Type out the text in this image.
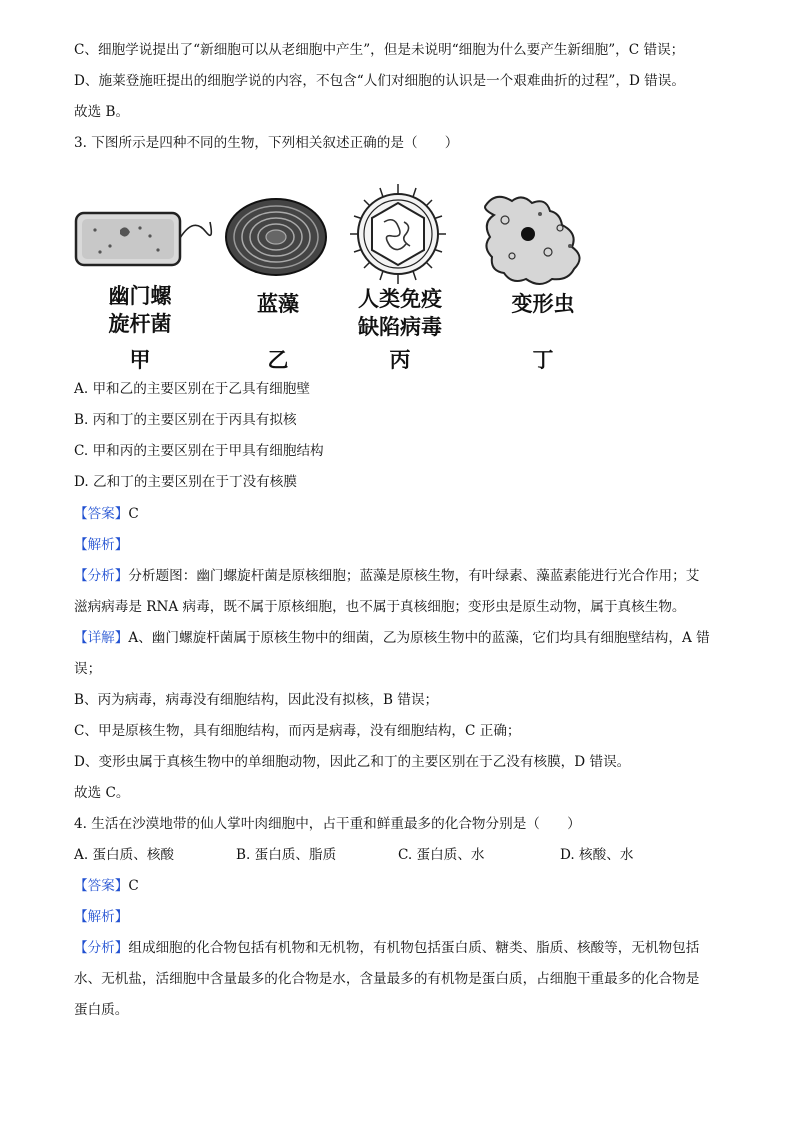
C、细胞学说提出了“新细胞可以从老细胞中产生”，但是未说明“细胞为什么要产生新细胞”，C 错误；
D、施莱登施旺提出的细胞学说的内容，不包含“人们对细胞的认识是一个艰难曲折的过程”，D 错误。
故选 B。
3. 下图所示是四种不同的生物，下列相关叙述正确的是（　　）
幽门螺
旋杆菌
甲
蓝藻
乙
人类免疫
缺陷病毒
丙
变形虫
丁
A. 甲和乙的主要区别在于乙具有细胞壁
B. 丙和丁的主要区别在于丙具有拟核
C. 甲和丙的主要区别在于甲具有细胞结构
D. 乙和丁的主要区别在于丁没有核膜
【答案】C
【解析】
【分析】分析题图：幽门螺旋杆菌是原核细胞；蓝藻是原核生物，有叶绿素、藻蓝素能进行光合作用；艾
滋病病毒是 RNA 病毒，既不属于原核细胞，也不属于真核细胞；变形虫是原生动物，属于真核生物。
【详解】A、幽门螺旋杆菌属于原核生物中的细菌，乙为原核生物中的蓝藻，它们均具有细胞壁结构，A 错
误；
B、丙为病毒，病毒没有细胞结构，因此没有拟核，B 错误；
C、甲是原核生物，具有细胞结构，而丙是病毒，没有细胞结构，C 正确；
D、变形虫属于真核生物中的单细胞动物，因此乙和丁的主要区别在于乙没有核膜，D 错误。
故选 C。
4. 生活在沙漠地带的仙人掌叶肉细胞中，占干重和鲜重最多的化合物分别是（　　）
A. 蛋白质、核酸	B. 蛋白质、脂质	C. 蛋白质、水	D. 核酸、水
【答案】C
【解析】
【分析】组成细胞的化合物包括有机物和无机物，有机物包括蛋白质、糖类、脂质、核酸等，无机物包括
水、无机盐，活细胞中含量最多的化合物是水，含量最多的有机物是蛋白质，占细胞干重最多的化合物是
蛋白质。
